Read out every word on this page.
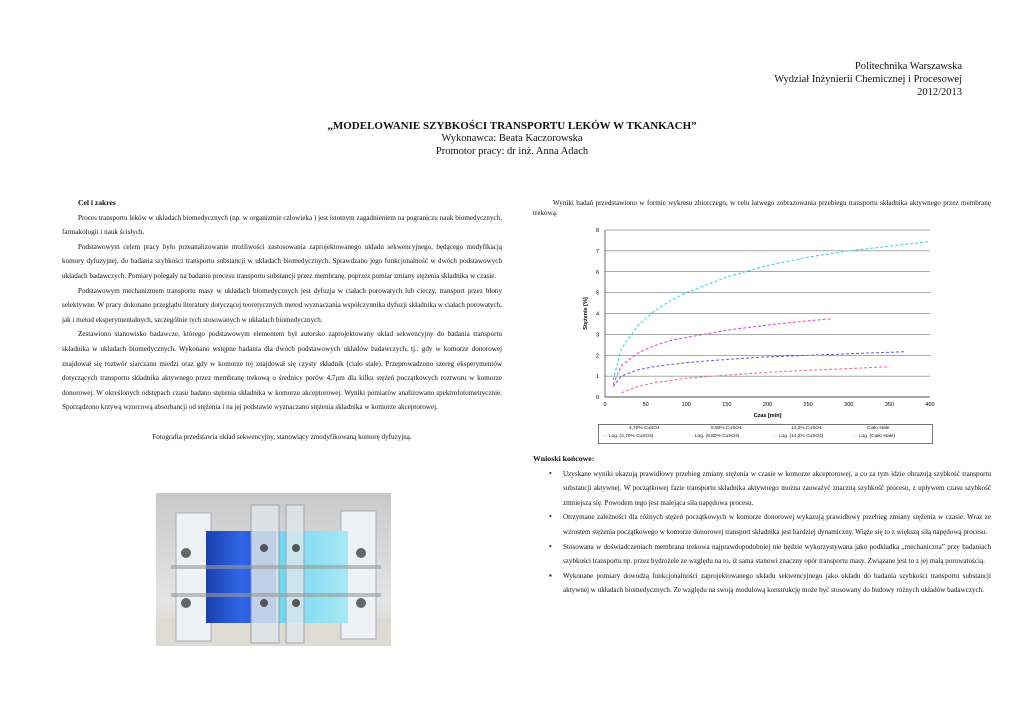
Politechnika Warszawska
Wydział Inżynierii Chemicznej i Procesowej
2012/2013
„MODELOWANIE SZYBKOŚCI TRANSPORTU LEKÓW W TKANKACH”
Wykonawca: Beata Kaczorowska
Promotor pracy: dr inż. Anna Adach

Cel i zakres

Proces transportu leków w układach biomedycznych (np. w organizmie człowieka ) jest istotnym zagadnieniem na pograniczu nauk biomedycznych, farmakologii i nauk ścisłych.

Podstawowym celem pracy było przeanalizowanie możliwości zastosowania zaprojektowanego układu sekwencyjnego, będącego modyfikacją komory dyfuzyjnej, do badania szybkości transportu substancji w układach biomedycznych. Sprawdzano jego funkcjonalność w dwóch podstawowych układach badawczych. Pomiary polegały na badaniu procesu transportu substancji przez membranę, poprzez pomiar zmiany stężenia składnika w czasie.

Podstawowym mechanizmem transportu masy w układach biomedycznych jest dyfuzja w ciałach porowatych lub cieczy, transport przez błony selektywne. W pracy dokonano przeglądu literatury dotyczącej teoretycznych metod wyznaczania współczynnika dyfuzji składnika w ciałach porowatych, jak i metod eksperymentalnych, szczególnie tych stosowanych w układach biomedycznych.

Zestawiono stanowisko badawcze, którego podstawowym elementem był autorsko zaprojektowany układ sekwencyjny do badania transportu składnika w układach biomedycznych. Wykonano wstępne badania dla dwóch podstawowych układów badawczych, tj.: gdy w komorze donorowej znajdował się roztwór siarczanu miedzi oraz gdy w komorze tej znajdował się czysty składnik (ciało stałe). Przeprowadzono szereg eksperymentów dotyczących transportu składnika aktywnego przez membranę trekową o średnicy porów 4,7μm dla kilku stężeń początkowych roztworu w komorze donorowej. W określonych odstępach czasu badano stężenia składnika w komorze akceptorowej. Wyniki pomiarów analizowano spektrofotometrycznie. Sporządzono krzywą wzorcową absorbancji od stężenia i na jej podstawie wyznaczano stężenia składnika w komorze akceptorowej.

Fotografia przedstawia układ sekwencyjny, stanowiący zmodyfikowaną komorę dyfuzyjną.

Wyniki badań przedstawiono w formie wykresu zbiorczego, w celu łatwego zobrazowania przebiegu transportu składnika aktywnego przez membranę trekową.

0
1
2
3
4
5
6
7
8
0	50	100	150	200	250	300	350	400
Czas [min]
Stężenie [%]
4,70% CuSO4	8,80% CuSO4	14,2% CuSO4	Ciało stałe
- - Log. (4,70% CuSO4)	- - Log. (8,80% CuSO4)	- - Log. (14,2% CuSO4)	- - Log. (Ciało stałe)
Wnioski końcowe:
• Uzyskane wyniki ukazują prawidłowy przebieg zmiany stężenia w czasie w komorze akceptorowej, a co za tym idzie obrazują szybkość transportu substancji aktywnej. W początkowej fazie transportu składnika aktywnego można zauważyć znaczną szybkość procesu, z upływem czasu szybkość zmniejsza się. Powodem tego jest malejąca siła napędowa procesu.
• Otrzymane zależności dla różnych stężeń początkowych w komorze donorowej wykazują prawidłowy przebieg zmiany stężenia w czasie. Wraz ze wzrostem stężenia początkowego w komorze donorowej transport składnika jest bardziej dynamiczny. Wiąże się to z większą siłą napędową procesu.
• Stosowana w doświadczeniach membrana trekowa najprawdopodobniej nie będzie wykorzystywana jako podkładka „mechaniczna” przy badaniach szybkości transportu np. przez hydrożele ze względu na to, iż sama stanowi znaczny opór transportu masy. Związane jest to z jej małą porowatością.
▪ Wykonane pomiary dowodzą funkcjonalności zaprojektowanego układu sekwencyjnego jako układu do badania szybkości transportu substancji aktywnej w układach biomedycznych. Ze względu na swoją modułową konstrukcję może być stosowany do budowy różnych układów badawczych.
